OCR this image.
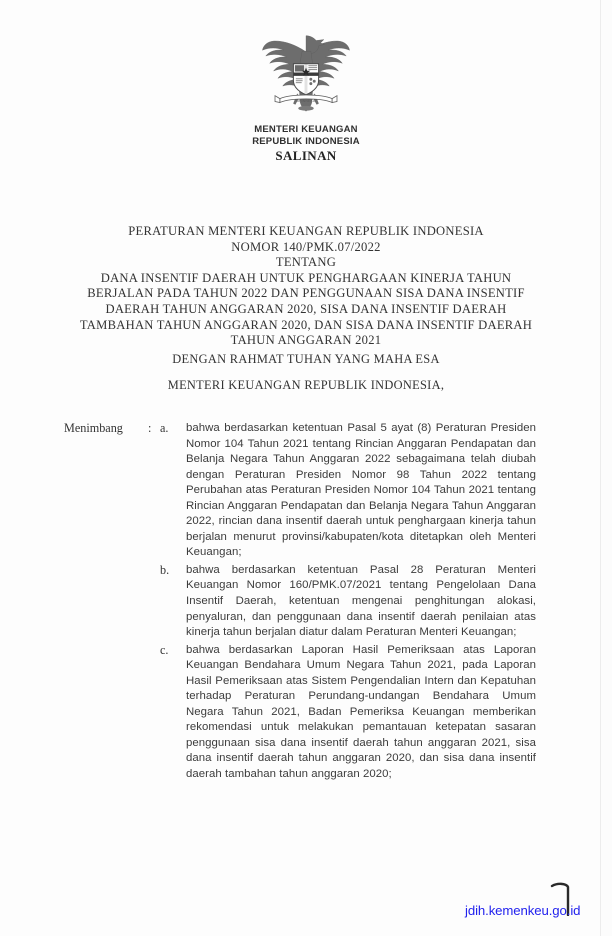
BHINNEKA
MENTERI KEUANGAN
REPUBLIK INDONESIA
SALINAN
PERATURAN MENTERI KEUANGAN REPUBLIK INDONESIA
NOMOR 140/PMK.07/2022
TENTANG
DANA INSENTIF DAERAH UNTUK PENGHARGAAN KINERJA TAHUN
BERJALAN PADA TAHUN 2022 DAN PENGGUNAAN SISA DANA INSENTIF
DAERAH TAHUN ANGGARAN 2020, SISA DANA INSENTIF DAERAH
TAMBAHAN TAHUN ANGGARAN 2020, DAN SISA DANA INSENTIF DAERAH
TAHUN ANGGARAN 2021
DENGAN RAHMAT TUHAN YANG MAHA ESA
MENTERI KEUANGAN REPUBLIK INDONESIA,
Menimbang	: a.	bahwa berdasarkan ketentuan Pasal 5 ayat (8) Peraturan Presiden Nomor 104 Tahun 2021 tentang Rincian Anggaran Pendapatan dan Belanja Negara Tahun Anggaran 2022 sebagaimana telah diubah dengan Peraturan Presiden Nomor 98 Tahun 2022 tentang Perubahan atas Peraturan Presiden Nomor 104 Tahun 2021 tentang Rincian Anggaran Pendapatan dan Belanja Negara Tahun Anggaran 2022, rincian dana insentif daerah untuk penghargaan kinerja tahun berjalan menurut provinsi/kabupaten/kota ditetapkan oleh Menteri Keuangan;
b.	bahwa berdasarkan ketentuan Pasal 28 Peraturan Menteri Keuangan Nomor 160/PMK.07/2021 tentang Pengelolaan Dana Insentif Daerah, ketentuan mengenai penghitungan alokasi, penyaluran, dan penggunaan dana insentif daerah penilaian atas kinerja tahun berjalan diatur dalam Peraturan Menteri Keuangan;
c.	bahwa berdasarkan Laporan Hasil Pemeriksaan atas Laporan Keuangan Bendahara Umum Negara Tahun 2021, pada Laporan Hasil Pemeriksaan atas Sistem Pengendalian Intern dan Kepatuhan terhadap Peraturan Perundang-undangan Bendahara Umum Negara Tahun 2021, Badan Pemeriksa Keuangan memberikan rekomendasi untuk melakukan pemantauan ketepatan sasaran penggunaan sisa dana insentif daerah tahun anggaran 2021, sisa dana insentif daerah tahun anggaran 2020, dan sisa dana insentif daerah tambahan tahun anggaran 2020;
jdih.kemenkeu.go.id
